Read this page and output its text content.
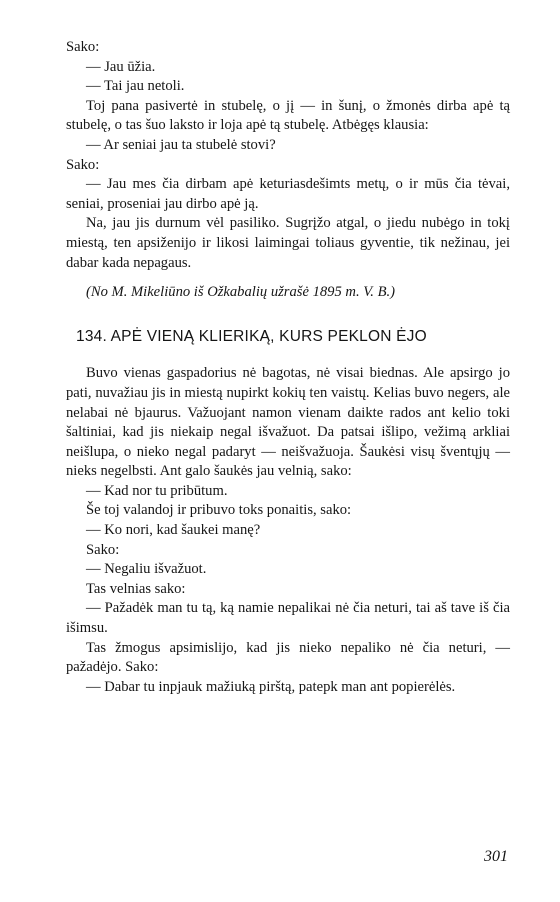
Sako:

— Jau ūžia.

— Tai jau netoli.

Toj pana pasivertė in stubelę, o jį — in šunį, o žmonės dirba apė tą stubelę, o tas šuo laksto ir loja apė tą stubelę. Atbėgęs klausia:

— Ar seniai jau ta stubelė stovi?

Sako:

— Jau mes čia dirbam apė keturiasdešimts metų, o ir mūs čia tėvai, seniai, proseniai jau dirbo apė ją.

Na, jau jis durnum vėl pasiliko. Sugrįžo atgal, o jiedu nubėgo in tokį miestą, ten apsiženijo ir likosi laimingai toliaus gyventie, tik nežinau, jei dabar kada nepagaus.

(No M. Mikeliūno iš Ožkabalių užrašė 1895 m. V. B.)

134. APĖ VIENĄ KLIERIKĄ, KURS PEKLON ĖJO

Buvo vienas gaspadorius nė bagotas, nė visai biednas. Ale apsirgo jo pati, nuvažiau jis in miestą nupirkt kokių ten vaistų. Kelias buvo negers, ale nelabai nė bjaurus. Važuojant namon vienam daikte rados ant kelio toki šaltiniai, kad jis niekaip negal išvažuot. Da patsai išlipo, vežimą arkliai neišlupa, o nieko negal padaryt — neišvažuoja. Šaukėsi visų šventųjų — nieks negelbsti. Ant galo šaukės jau velnią, sako:

— Kad nor tu pribūtum.

Še toj valandoj ir pribuvo toks ponaitis, sako:

— Ko nori, kad šaukei manę?

Sako:

— Negaliu išvažuot.

Tas velnias sako:

— Pažadėk man tu tą, ką namie nepalikai nė čia neturi, tai aš tave iš čia išimsu.

Tas žmogus apsimislijo, kad jis nieko nepaliko nė čia neturi, — pažadėjo. Sako:

— Dabar tu inpjauk mažiuką pirštą, patepk man ant popierėlės.

301
